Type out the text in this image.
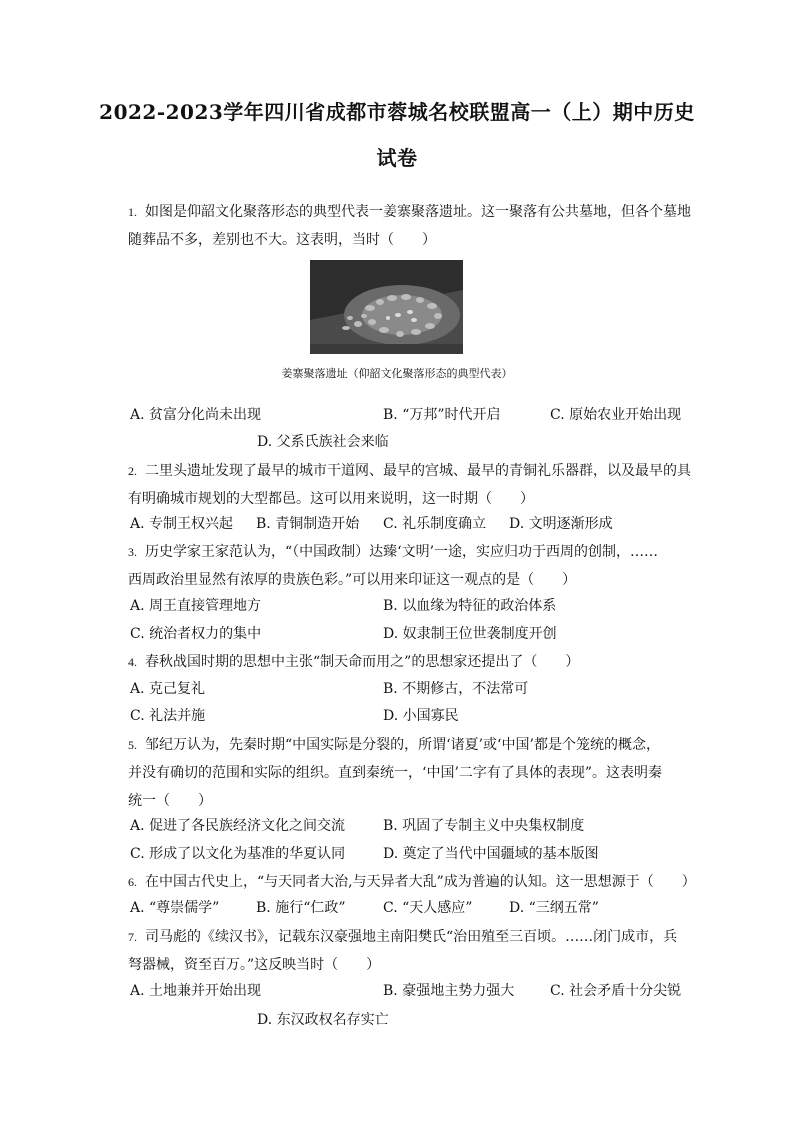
2022-2023学年四川省成都市蓉城名校联盟高一（上）期中历史
试卷
1. 如图是仰韶文化聚落形态的典型代表一姜寨聚落遗址。这一聚落有公共墓地，但各个墓地
随葬品不多，差别也不大。这表明，当时（　　）
姜寨聚落遗址（仰韶文化聚落形态的典型代表）
A. 贫富分化尚未出现	B. “万邦”时代开启	C. 原始农业开始出现
D. 父系氏族社会来临
2. 二里头遗址发现了最早的城市干道网、最早的宫城、最早的青铜礼乐器群，以及最早的具
有明确城市规划的大型都邑。这可以用来说明，这一时期（　　）
A. 专制王权兴起 B. 青铜制造开始 C. 礼乐制度确立 D. 文明逐渐形成
3. 历史学家王家范认为，“（中国政制）达臻‘文明’一途，实应归功于西周的创制，……
西周政治里显然有浓厚的贵族色彩。”可以用来印证这一观点的是（　　）
A. 周王直接管理地方	B. 以血缘为特征的政治体系
C. 统治者权力的集中	D. 奴隶制王位世袭制度开创
4. 春秋战国时期的思想中主张“制天命而用之”的思想家还提出了（　　）
A. 克己复礼	B. 不期修古，不法常可
C. 礼法并施	D. 小国寡民
5. 邹纪万认为，先秦时期“中国实际是分裂的，所谓‘诸夏’或‘中国’都是个笼统的概念，
并没有确切的范围和实际的组织。直到秦统一，‘中国’二字有了具体的表现”。这表明秦
统一（　　）
A. 促进了各民族经济文化之间交流	B. 巩固了专制主义中央集权制度
C. 形成了以文化为基准的华夏认同	D. 奠定了当代中国疆域的基本版图
6. 在中国古代史上，“与天同者大治,与天异者大乱”成为普遍的认知。这一思想源于（　　）
A. “尊崇儒学”	B. 施行“仁政”	C. “天人感应”	D. “三纲五常”
7. 司马彪的《续汉书》，记载东汉豪强地主南阳樊氏“治田殖至三百顷。……闭门成市，兵
弩器械，资至百万。”这反映当时（　　）
A. 土地兼并开始出现	B. 豪强地主势力强大	C. 社会矛盾十分尖锐
D. 东汉政权名存实亡
